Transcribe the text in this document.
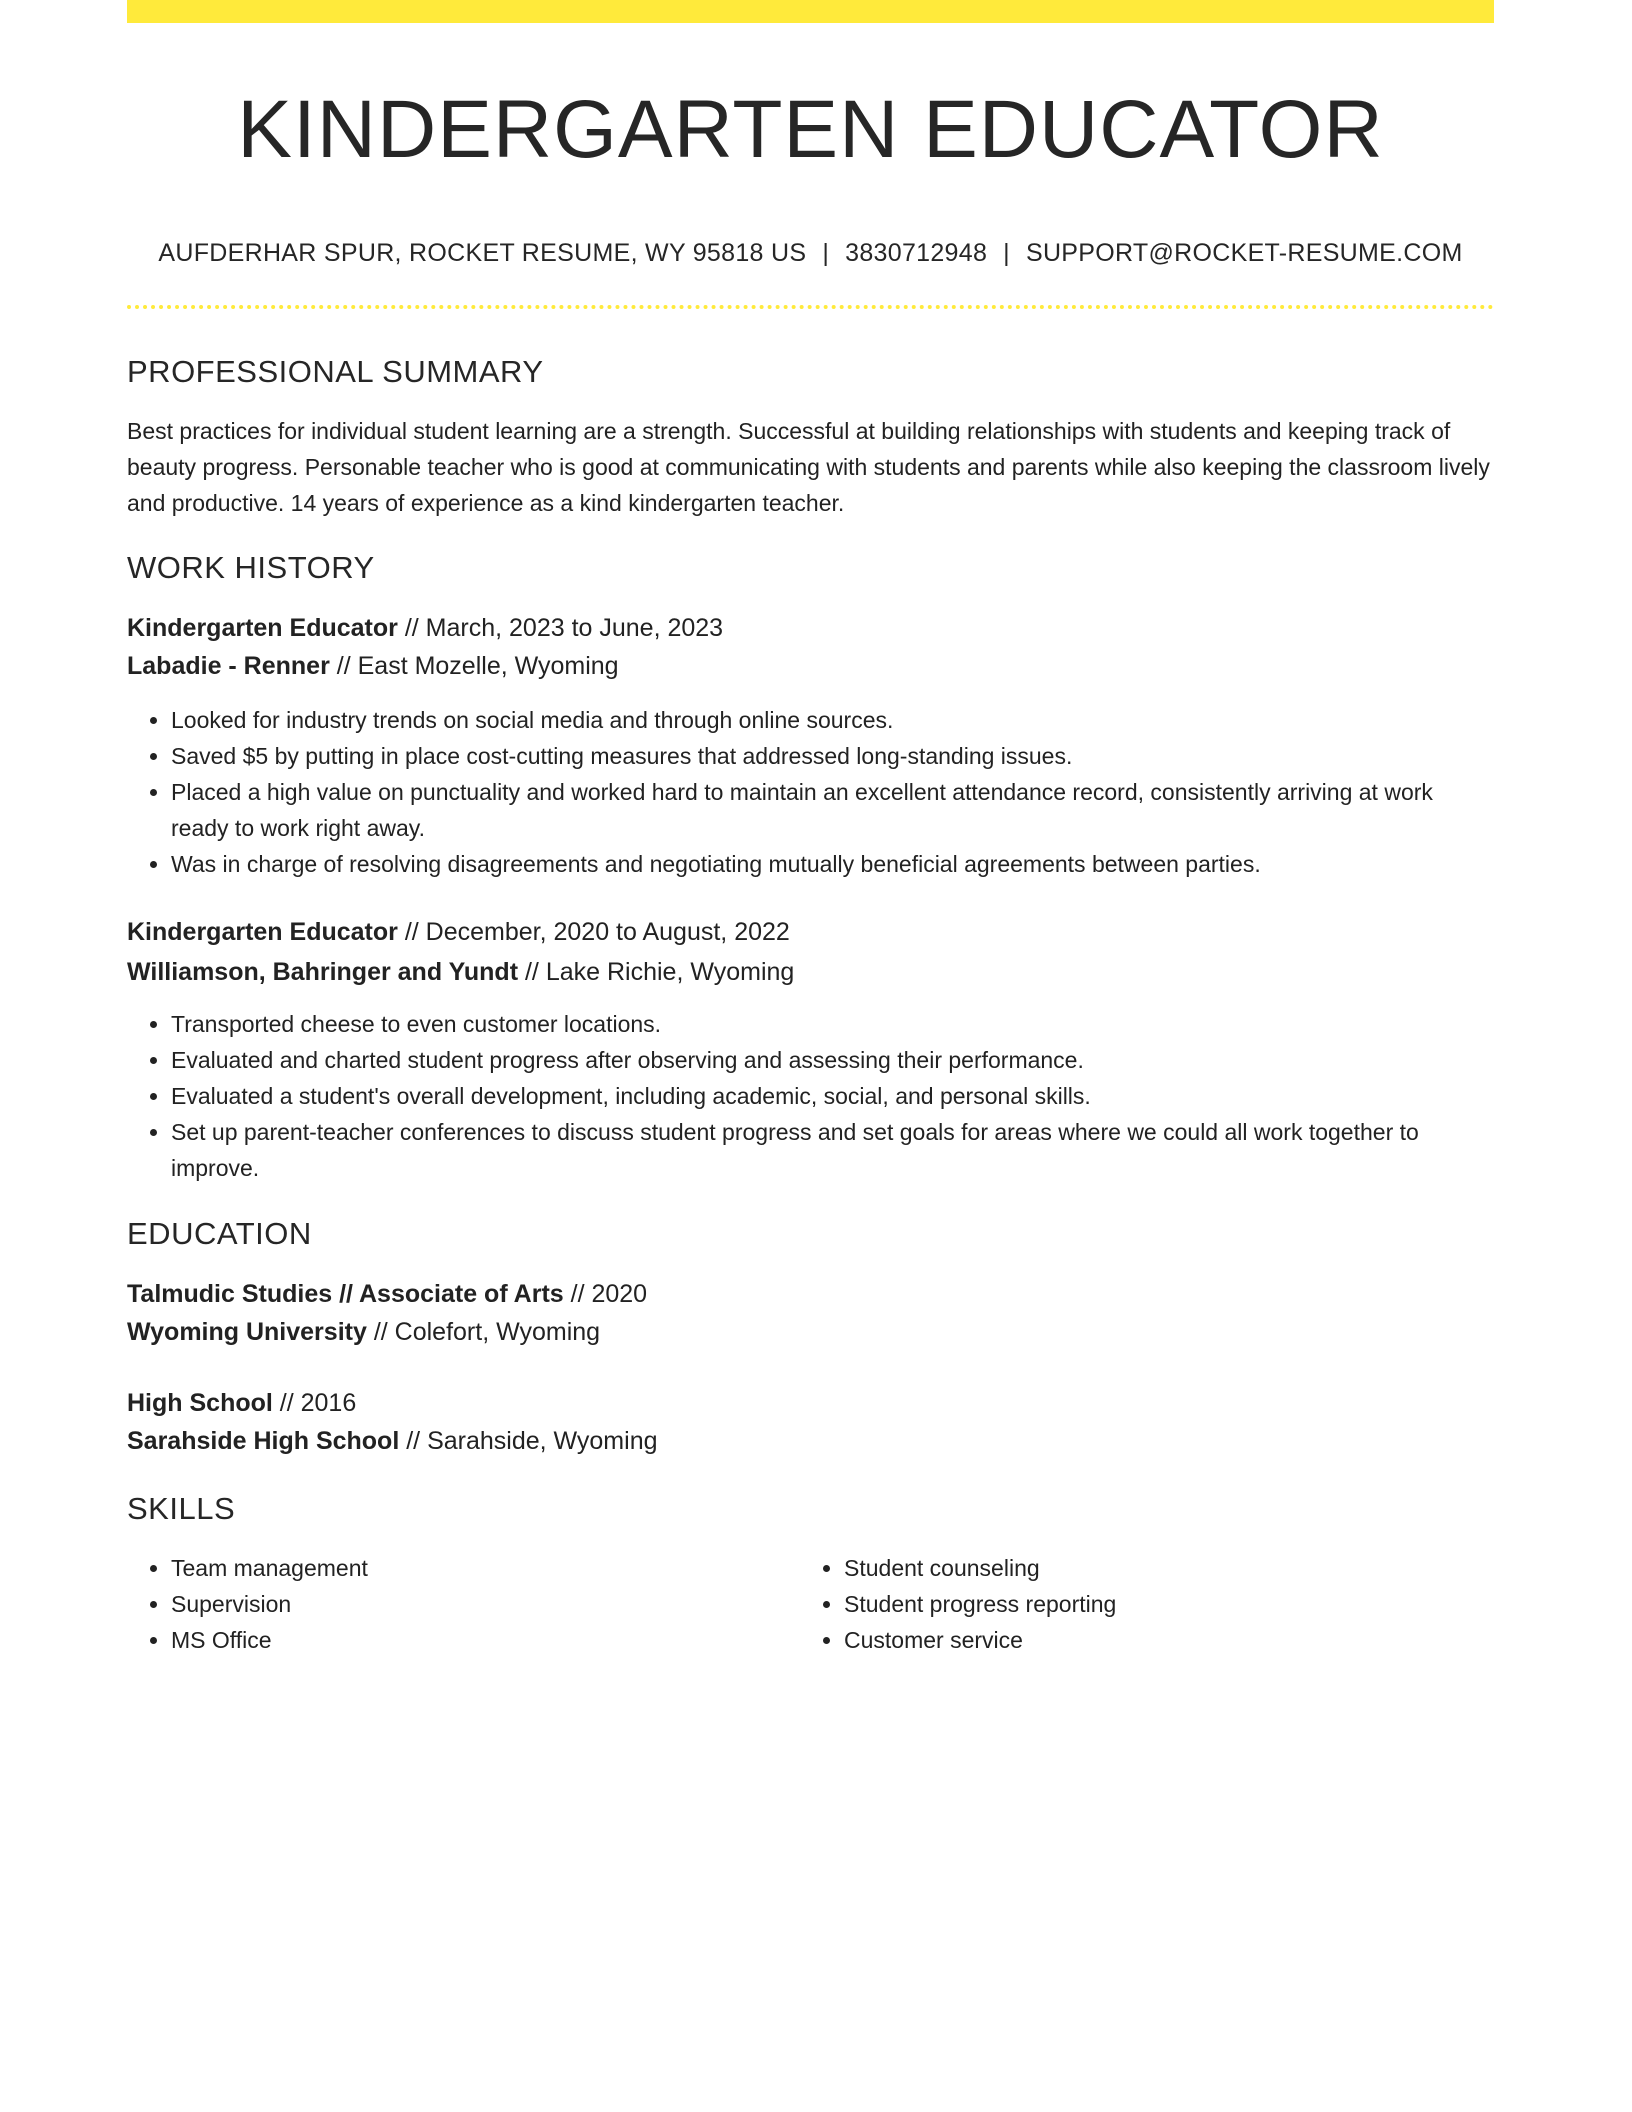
KINDERGARTEN EDUCATOR
AUFDERHAR SPUR, ROCKET RESUME, WY 95818 US | 3830712948 | SUPPORT@ROCKET-RESUME.COM
PROFESSIONAL SUMMARY
Best practices for individual student learning are a strength. Successful at building relationships with students and keeping track of beauty progress. Personable teacher who is good at communicating with students and parents while also keeping the classroom lively and productive. 14 years of experience as a kind kindergarten teacher.
WORK HISTORY
Kindergarten Educator // March, 2023 to June, 2023
Labadie - Renner // East Mozelle, Wyoming
• Looked for industry trends on social media and through online sources.
• Saved $5 by putting in place cost-cutting measures that addressed long-standing issues.
• Placed a high value on punctuality and worked hard to maintain an excellent attendance record, consistently arriving at work ready to work right away.
• Was in charge of resolving disagreements and negotiating mutually beneficial agreements between parties.
Kindergarten Educator // December, 2020 to August, 2022
Williamson, Bahringer and Yundt // Lake Richie, Wyoming
• Transported cheese to even customer locations.
• Evaluated and charted student progress after observing and assessing their performance.
• Evaluated a student's overall development, including academic, social, and personal skills.
• Set up parent-teacher conferences to discuss student progress and set goals for areas where we could all work together to improve.
EDUCATION
Talmudic Studies // Associate of Arts // 2020
Wyoming University // Colefort, Wyoming
High School // 2016
Sarahside High School // Sarahside, Wyoming
SKILLS
• Team management
• Supervision
• MS Office
• Student counseling
• Student progress reporting
• Customer service
